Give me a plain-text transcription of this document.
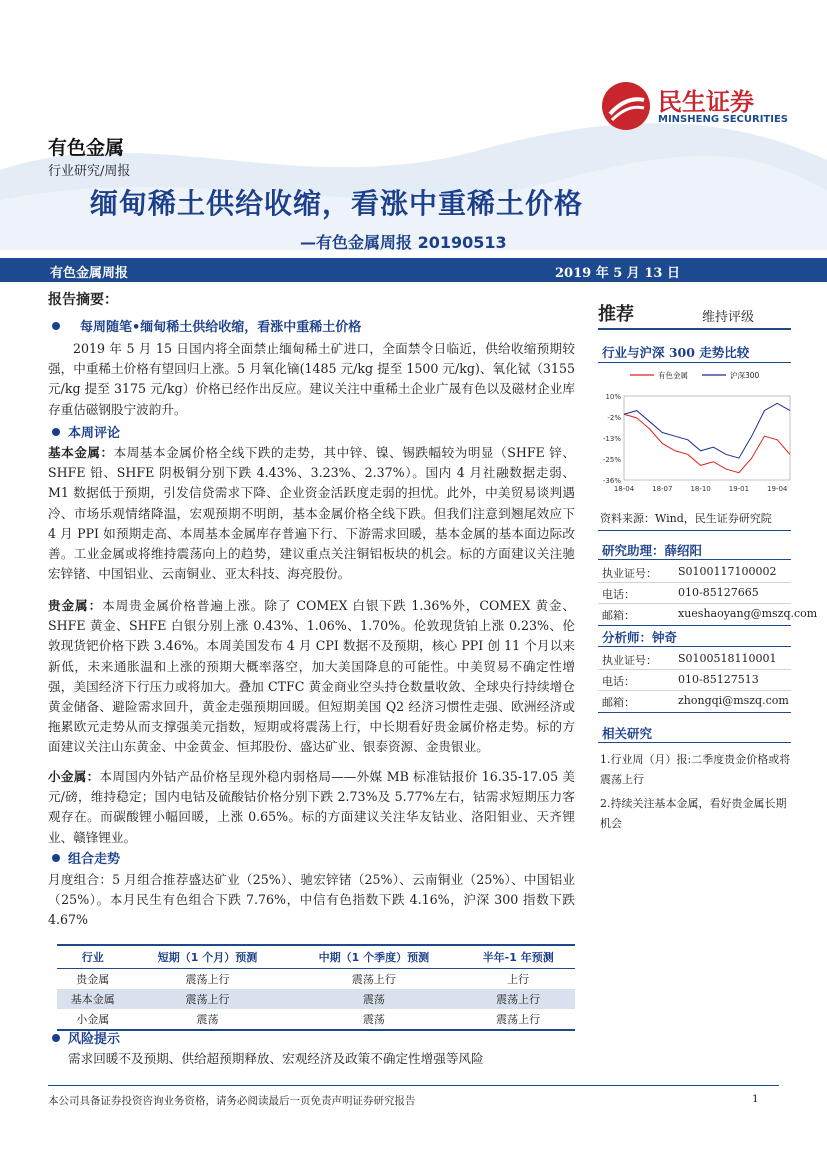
民生证券
MINSHENG SECURITIES
有色金属
行业研究/周报
缅甸稀土供给收缩，看涨中重稀土价格
—有色金属周报 20190513
有色金属周报	2019 年 5 月 13 日
报告摘要：
每周随笔•缅甸稀土供给收缩，看涨中重稀土价格
2019 年 5 月 15 日国内将全面禁止缅甸稀土矿进口，全面禁令日临近，供给收缩预期较强，中重稀土价格有望回归上涨。5 月氧化镝(1485 元/kg 提至 1500 元/kg)、氧化铽（3155 元/kg 提至 3175 元/kg）价格已经作出反应。建议关注中重稀土企业广晟有色以及磁材企业库存重估磁钢股宁波韵升。
本周评论
基本金属：本周基本金属价格全线下跌的走势，其中锌、镍、锡跌幅较为明显（SHFE 锌、SHFE 铅、SHFE 阴极铜分别下跌 4.43%、3.23%、2.37%）。国内 4 月社融数据走弱、M1 数据低于预期，引发信贷需求下降、企业资金活跃度走弱的担忧。此外，中美贸易谈判遇冷、市场乐观情绪降温，宏观预期不明朗，基本金属价格全线下跌。但我们注意到翘尾效应下 4 月 PPI 如预期走高、本周基本金属库存普遍下行、下游需求回暖，基本金属的基本面边际改善。工业金属或将维持震荡向上的趋势，建议重点关注铜铝板块的机会。标的方面建议关注驰宏锌锗、中国铝业、云南铜业、亚太科技、海亮股份。
贵金属：本周贵金属价格普遍上涨。除了 COMEX 白银下跌 1.36%外，COMEX 黄金、SHFE 黄金、SHFE 白银分别上涨 0.43%、1.06%、1.70%。伦敦现货铂上涨 0.23%、伦敦现货钯价格下跌 3.46%。本周美国发布 4 月 CPI 数据不及预期，核心 PPI 创 11 个月以来新低，未来通胀温和上涨的预期大概率落空，加大美国降息的可能性。中美贸易不确定性增强，美国经济下行压力或将加大。叠加 CTFC 黄金商业空头持仓数量收敛、全球央行持续增仓黄金储备、避险需求回升，黄金走强预期回暖。但短期美国 Q2 经济习惯性走强、欧洲经济或拖累欧元走势从而支撑强美元指数，短期或将震荡上行，中长期看好贵金属价格走势。标的方面建议关注山东黄金、中金黄金、恒邦股份、盛达矿业、银泰资源、金贵银业。
小金属：本周国内外钴产品价格呈现外稳内弱格局——外媒 MB 标准钴报价 16.35-17.05 美元/磅，维持稳定；国内电钴及硫酸钴价格分别下跌 2.73%及 5.77%左右，钴需求短期压力客观存在。而碳酸锂小幅回暖，上涨 0.65%。标的方面建议关注华友钴业、洛阳钼业、天齐锂业、赣锋锂业。
组合走势
月度组合：5 月组合推荐盛达矿业（25%）、驰宏锌锗（25%）、云南铜业（25%）、中国铝业（25%）。本月民生有色组合下跌 7.76%，中信有色指数下跌 4.16%，沪深 300 指数下跌 4.67%
行业	短期（1 个月）预测	中期（1 个季度）预测	半年-1 年预测
贵金属	震荡上行	震荡上行	上行
基本金属	震荡上行	震荡	震荡上行
小金属	震荡	震荡	震荡上行
风险提示
需求回暖不及预期、供给超预期释放、宏观经济及政策不确定性增强等风险
推荐	维持评级
行业与沪深 300 走势比较
有色金属	沪深300
10%
-2%
-13%
-25%
-36%
18-04	18-07	18-10	19-01	19-04
资料来源：Wind，民生证券研究院
研究助理：薛绍阳
执业证号： S0100117100002
电话：	010-85127665
邮箱：	xueshaoyang@mszq.com
分析师：钟奇
执业证号： S0100518110001
电话：	010-85127513
邮箱：	zhongqi@mszq.com
相关研究
1.行业周（月）报:二季度贵金价格或将震荡上行
2.持续关注基本金属，看好贵金属长期机会
本公司具备证券投资咨询业务资格，请务必阅读最后一页免责声明证券研究报告	1
